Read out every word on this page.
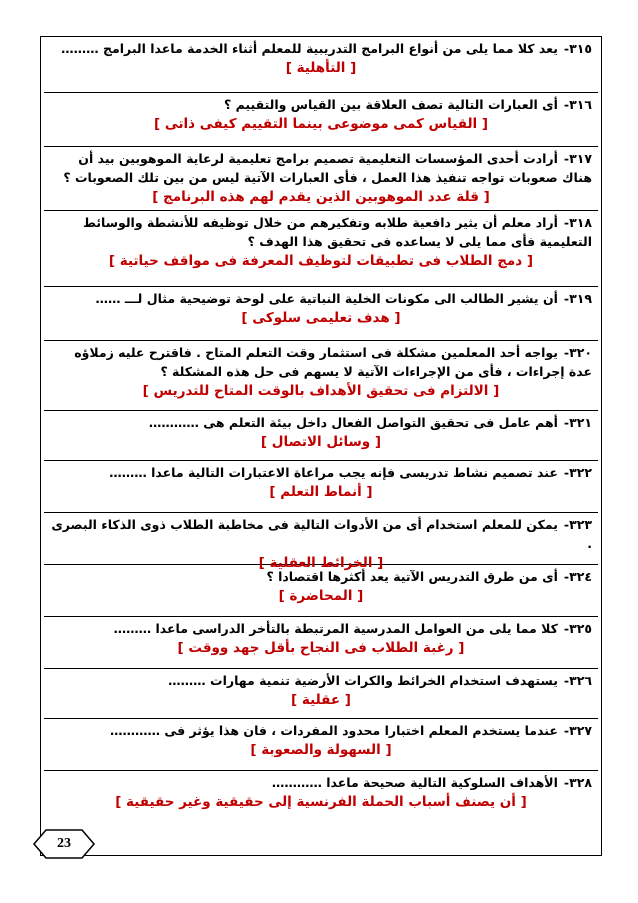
٣١٥-يعد كلا مما يلى من أنواع البرامج التدريبية للمعلم أثناء الخدمة ماعدا البرامج ………
[ التأهلية ]
٣١٦-أى العبارات التالية تصف العلاقة بين القياس والتقييم ؟
[ القياس كمى موضوعى بينما التقييم كيفى ذاتى ]
٣١٧-أرادت أحدى المؤسسات التعليمية تصميم برامج تعليمية لرعاية الموهوبين بيد أن هناك صعوبات تواجه تنفيذ هذا العمل ، فأى العبارات الآتية ليس من بين تلك الصعوبات ؟
[ قلة عدد الموهوبين الذين يقدم لهم هذه البرنامج ]
٣١٨-أراد معلم أن يثير دافعية طلابه وتفكيرهم من خلال توظيفه للأنشطة والوسائط التعليمية فأى مما يلى لا يساعده فى تحقيق هذا الهدف ؟
[ دمج الطلاب فى تطبيقات لتوظيف المعرفة فى مواقف حياتية ]
٣١٩-أن يشير الطالب الى مكونات الخلية النباتية على لوحة توضيحية مثال لـــ ……
[ هدف تعليمى سلوكى ]
٣٢٠-يواجه أحد المعلمين مشكلة فى استثمار وقت التعلم المتاح . فاقترح عليه زملاؤه عدة إجراءات ، فأى من الإجراءات الآتية لا يسهم فى حل هذه المشكلة ؟
[ الالتزام فى تحقيق الأهداف بالوقت المتاح للتدريس ]
٣٢١-أهم عامل فى تحقيق التواصل الفعال داخل بيئة التعلم هى …………
[ وسائل الاتصال ]
٣٢٢-عند تصميم نشاط تدريسى فإنه يجب مراعاة الاعتبارات التالية ماعدا ………
[ أنماط التعلم ]
٣٢٣-يمكن للمعلم استخدام أى من الأدوات التالية فى مخاطبة الطلاب ذوى الذكاء البصرى .
[ الخرائط العقلية ]
٣٢٤-أى من طرق التدريس الآتية يعد أكثرها اقتصادا ؟
[ المحاضرة ]
٣٢٥-كلا مما يلى من العوامل المدرسية المرتبطة بالتأخر الدراسى ماعدا ………
[ رغبة الطلاب فى النجاح بأقل جهد ووقت ]
٣٢٦-يستهدف استخدام الخرائط والكرات الأرضية تنمية مهارات ………
[ عقلية ]
٣٢٧-عندما يستخدم المعلم اختبارا محدود المفردات ، فان هذا يؤثر فى …………
[ السهولة والصعوبة ]
٣٢٨-الأهداف السلوكية التالية صحيحة ماعدا …………
[ أن يصنف أسباب الحملة الفرنسية إلى حقيقية وغير حقيقية ]
23
